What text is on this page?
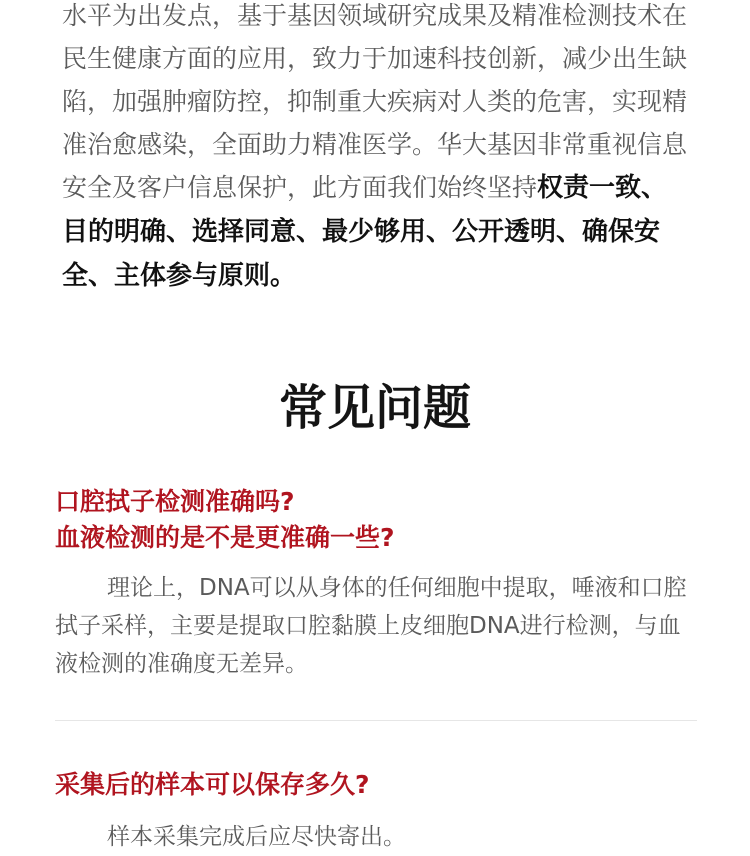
水平为出发点，基于基因领域研究成果及精准检测技术在民生健康方面的应用，致力于加速科技创新，减少出生缺陷，加强肿瘤防控，抑制重大疾病对人类的危害，实现精准治愈感染，全面助力精准医学。华大基因非常重视信息安全及客户信息保护，此方面我们始终坚持权责一致、目的明确、选择同意、最少够用、公开透明、确保安全、主体参与原则。

常见问题

口腔拭子检测准确吗?
血液检测的是不是更准确一些?

理论上，DNA可以从身体的任何细胞中提取，唾液和口腔拭子采样，主要是提取口腔黏膜上皮细胞DNA进行检测，与血液检测的准确度无差异。

采集后的样本可以保存多久?

样本采集完成后应尽快寄出。
